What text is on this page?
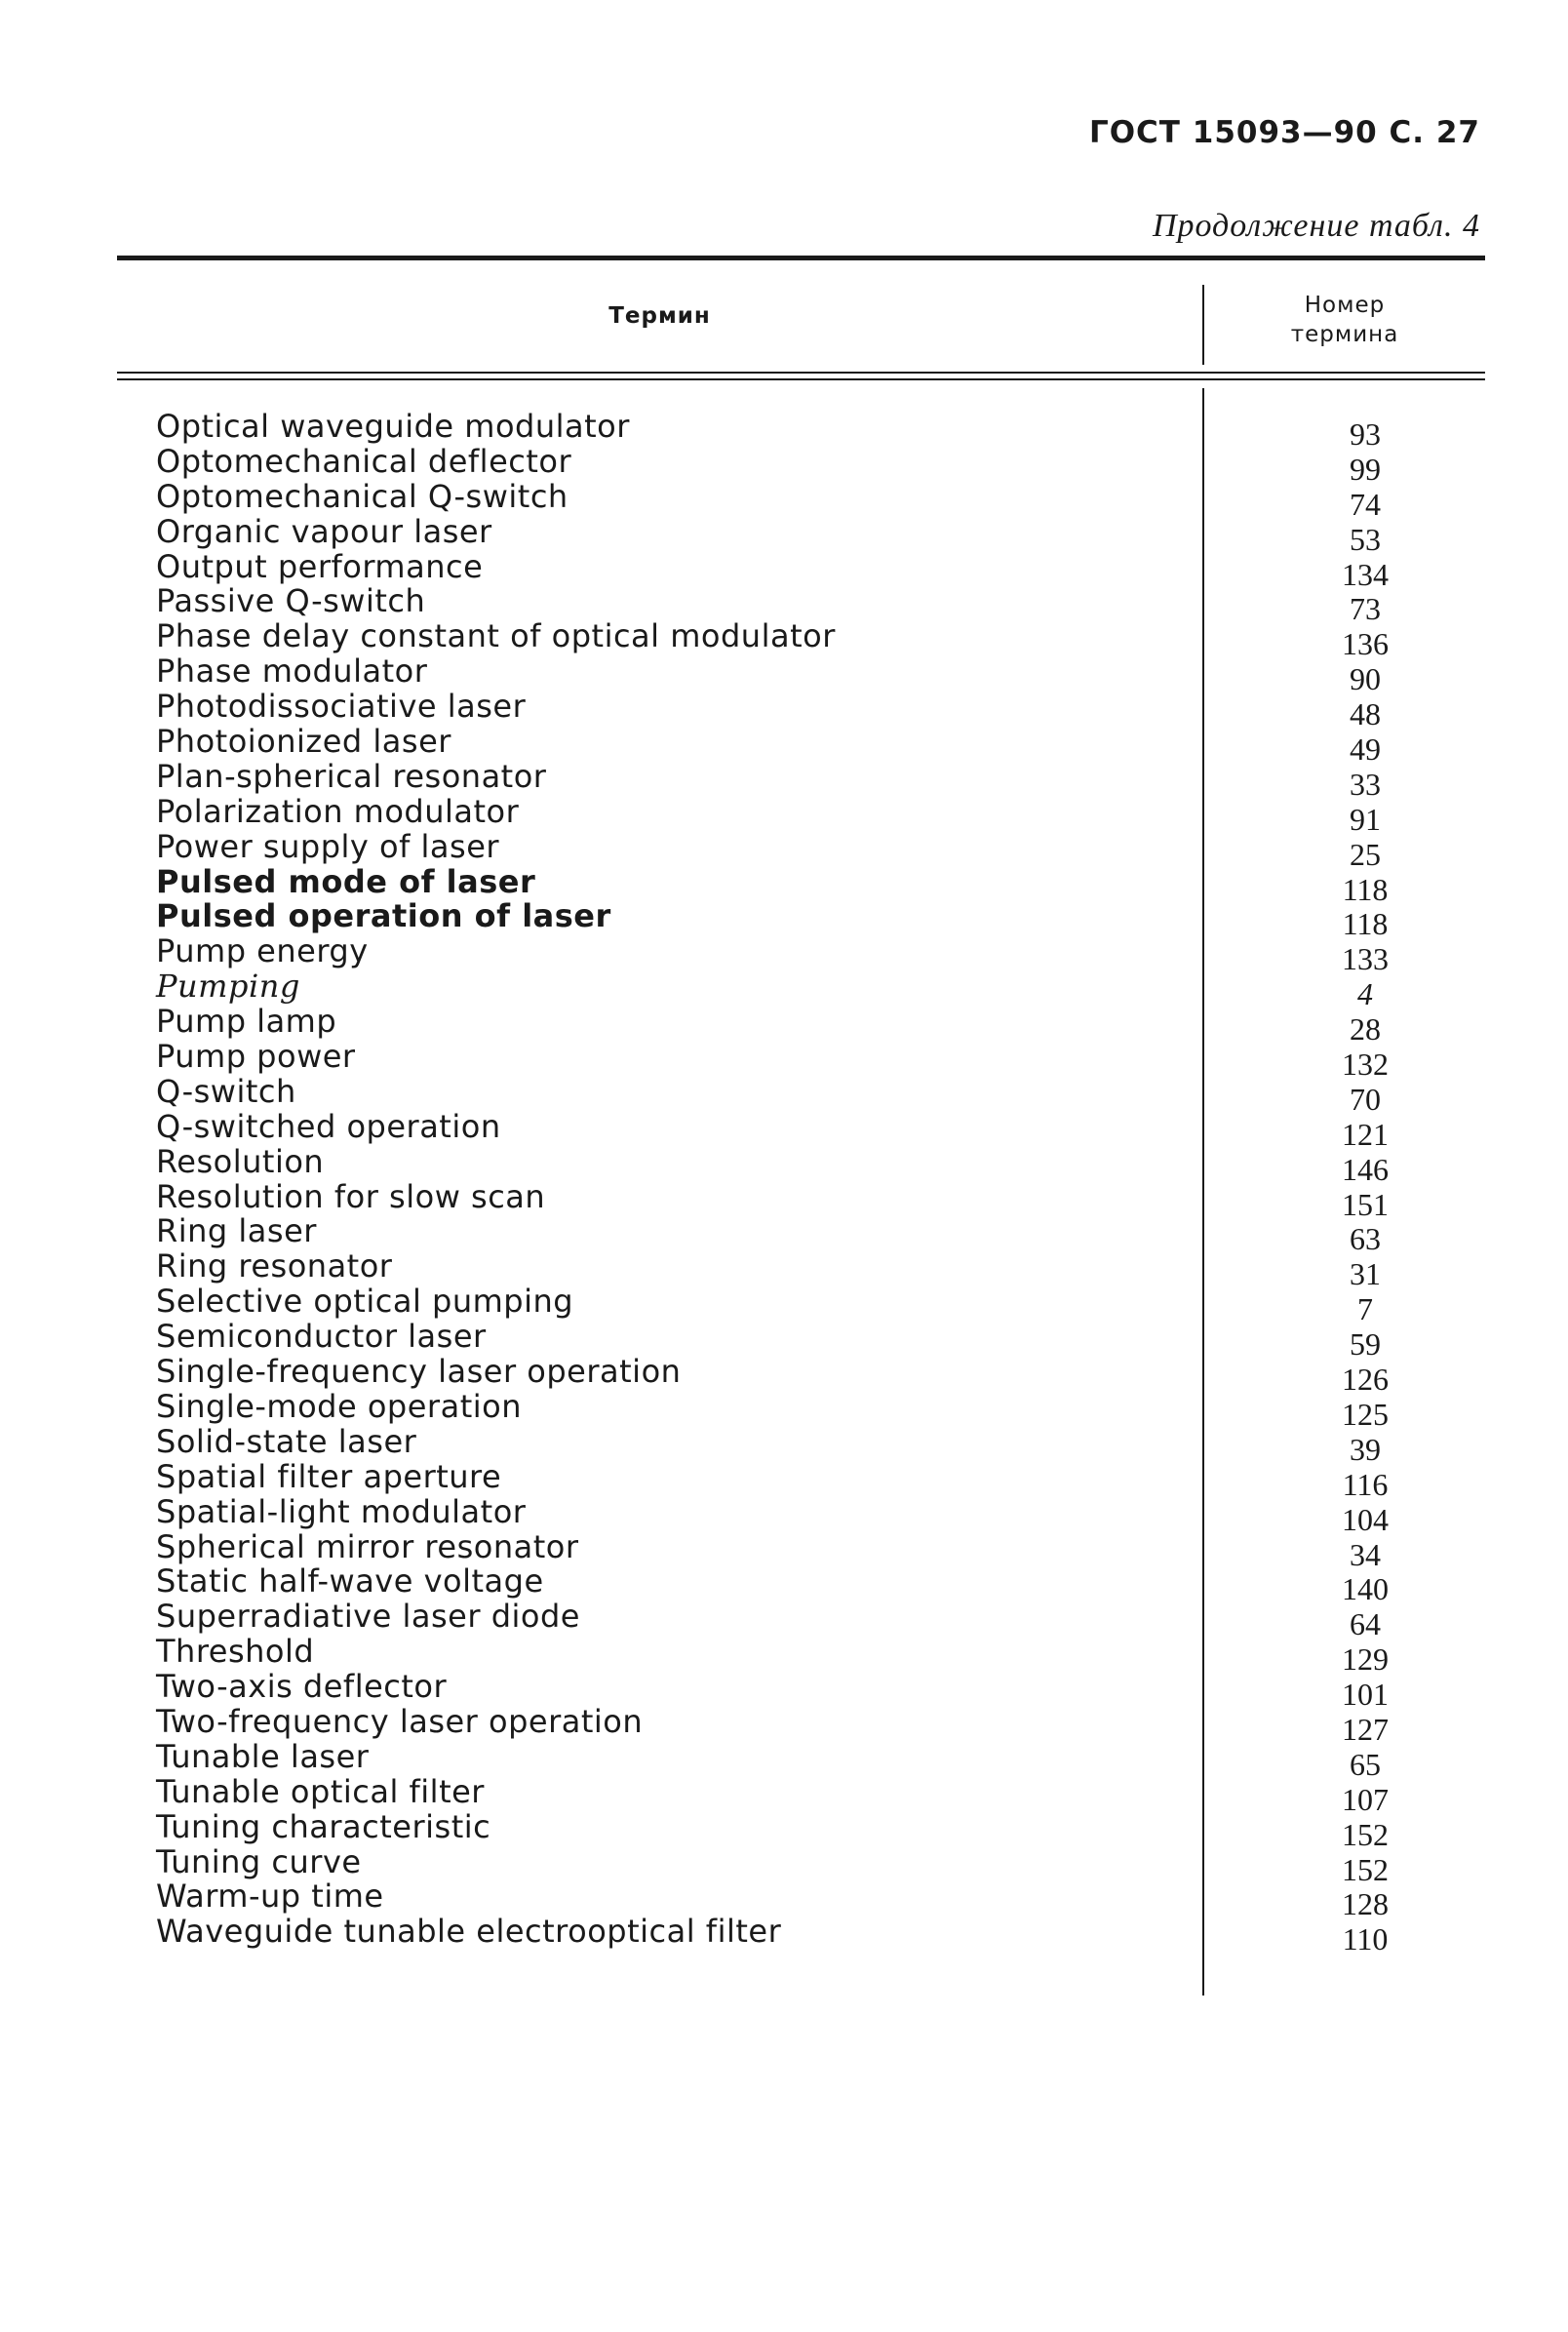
ГОСТ 15093—90 С. 27
Продолжение табл. 4
Термин	Номер
термина
Optical waveguide modulator
Optomechanical deflector
Optomechanical Q-switch
Organic vapour laser
Output performance
Passive Q-switch
Phase delay constant of optical modulator
Phase modulator
Photodissociative laser
Photoionized laser
Plan-spherical resonator
Polarization modulator
Power supply of laser
Pulsed mode of laser
Pulsed operation of laser
Pump energy
Pumping
Pump lamp
Pump power
Q-switch
Q-switched operation
Resolution
Resolution for slow scan
Ring laser
Ring resonator
Selective optical pumping
Semiconductor laser
Single-frequency laser operation
Single-mode operation
Solid-state laser
Spatial filter aperture
Spatial-light modulator
Spherical mirror resonator
Static half-wave voltage
Superradiative laser diode
Threshold
Two-axis deflector
Two-frequency laser operation
Tunable laser
Tunable optical filter
Tuning characteristic
Tuning curve
Warm-up time
Waveguide tunable electrooptical filter
93
99
74
53
134
73
136
90
48
49
33
91
25
118
118
133
4
28
132
70
121
146
151
63
31
7
59
126
125
39
116
104
34
140
64
129
101
127
65
107
152
152
128
110
